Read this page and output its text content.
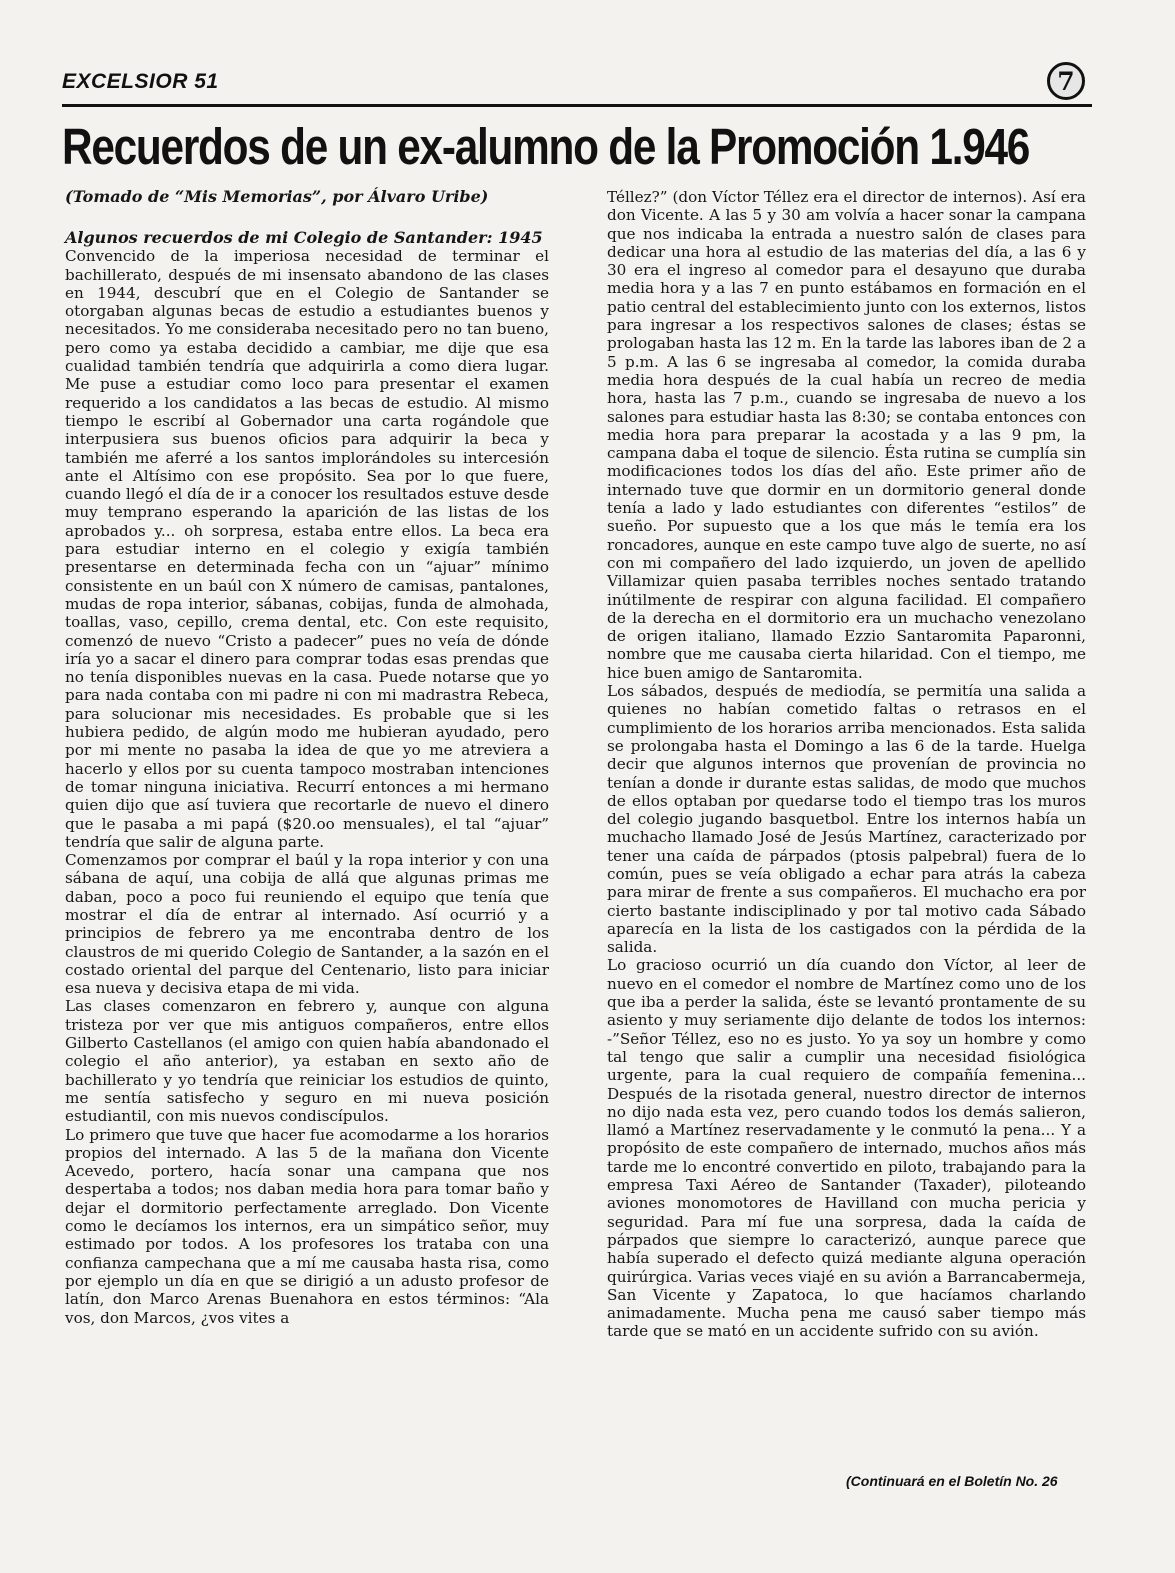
EXCELSIOR 51	7
Recuerdos de un ex-alumno de la Promoción 1.946

(Tomado de “Mis Memorias”, por Álvaro Uribe)

Algunos recuerdos de mi Colegio de Santander: 1945

Convencido de la imperiosa necesidad de terminar el bachillerato, después de mi insensato abandono de las clases en 1944, descubrí que en el Colegio de Santander se otorgaban algunas becas de estudio a estudiantes buenos y necesitados. Yo me consideraba necesitado pero no tan bueno, pero como ya estaba decidido a cambiar, me dije que esa cualidad también tendría que adquirirla a como diera lugar. Me puse a estudiar como loco para presentar el examen requerido a los candidatos a las becas de estudio. Al mismo tiempo le escribí al Gobernador una carta rogándole que interpusiera sus buenos oficios para adquirir la beca y también me aferré a los santos implorándoles su intercesión ante el Altísimo con ese propósito. Sea por lo que fuere, cuando llegó el día de ir a conocer los resultados estuve desde muy temprano esperando la aparición de las listas de los aprobados y... oh sorpresa, estaba entre ellos. La beca era para estudiar interno en el colegio y exigía también presentarse en determinada fecha con un “ajuar” mínimo consistente en un baúl con X número de camisas, pantalones, mudas de ropa interior, sábanas, cobijas, funda de almohada, toallas, vaso, cepillo, crema dental, etc. Con este requisito, comenzó de nuevo “Cristo a padecer” pues no veía de dónde iría yo a sacar el dinero para comprar todas esas prendas que no tenía disponibles nuevas en la casa. Puede notarse que yo para nada contaba con mi padre ni con mi madrastra Rebeca, para solucionar mis necesidades. Es probable que si les hubiera pedido, de algún modo me hubieran ayudado, pero por mi mente no pasaba la idea de que yo me atreviera a hacerlo y ellos por su cuenta tampoco mostraban intenciones de tomar ninguna iniciativa. Recurrí entonces a mi hermano quien dijo que así tuviera que recortarle de nuevo el dinero que le pasaba a mi papá ($20.oo mensuales), el tal “ajuar” tendría que salir de alguna parte.

Comenzamos por comprar el baúl y la ropa interior y con una sábana de aquí, una cobija de allá que algunas primas me daban, poco a poco fui reuniendo el equipo que tenía que mostrar el día de entrar al internado. Así ocurrió y a principios de febrero ya me encontraba dentro de los claustros de mi querido Colegio de Santander, a la sazón en el costado oriental del parque del Centenario, listo para iniciar esa nueva y decisiva etapa de mi vida.

Las clases comenzaron en febrero y, aunque con alguna tristeza por ver que mis antiguos compañeros, entre ellos Gilberto Castellanos (el amigo con quien había abandonado el colegio el año anterior), ya estaban en sexto año de bachillerato y yo tendría que reiniciar los estudios de quinto, me sentía satisfecho y seguro en mi nueva posición estudiantil, con mis nuevos condiscípulos.

Lo primero que tuve que hacer fue acomodarme a los horarios propios del internado. A las 5 de la mañana don Vicente Acevedo, portero, hacía sonar una campana que nos despertaba a todos; nos daban media hora para tomar baño y dejar el dormitorio perfectamente arreglado. Don Vicente como le decíamos los internos, era un simpático señor, muy estimado por todos. A los profesores los trataba con una confianza campechana que a mí me causaba hasta risa, como por ejemplo un día en que se dirigió a un adusto profesor de latín, don Marco Arenas Buenahora en estos términos: “Ala vos, don Marcos, ¿vos vites a

Téllez?” (don Víctor Téllez era el director de internos). Así era don Vicente. A las 5 y 30 am volvía a hacer sonar la campana que nos indicaba la entrada a nuestro salón de clases para dedicar una hora al estudio de las materias del día, a las 6 y 30 era el ingreso al comedor para el desayuno que duraba media hora y a las 7 en punto estábamos en formación en el patio central del establecimiento junto con los externos, listos para ingresar a los respectivos salones de clases; éstas se prologaban hasta las 12 m. En la tarde las labores iban de 2 a 5 p.m. A las 6 se ingresaba al comedor, la comida duraba media hora después de la cual había un recreo de media hora, hasta las 7 p.m., cuando se ingresaba de nuevo a los salones para estudiar hasta las 8:30; se contaba entonces con media hora para preparar la acostada y a las 9 pm, la campana daba el toque de silencio. Ésta rutina se cumplía sin modificaciones todos los días del año. Este primer año de internado tuve que dormir en un dormitorio general donde tenía a lado y lado estudiantes con diferentes “estilos” de sueño. Por supuesto que a los que más le temía era los roncadores, aunque en este campo tuve algo de suerte, no así con mi compañero del lado izquierdo, un joven de apellido Villamizar quien pasaba terribles noches sentado tratando inútilmente de respirar con alguna facilidad. El compañero de la derecha en el dormitorio era un muchacho venezolano de origen italiano, llamado Ezzio Santaromita Paparonni, nombre que me causaba cierta hilaridad. Con el tiempo, me hice buen amigo de Santaromita.

Los sábados, después de mediodía, se permitía una salida a quienes no habían cometido faltas o retrasos en el cumplimiento de los horarios arriba mencionados. Esta salida se prolongaba hasta el Domingo a las 6 de la tarde. Huelga decir que algunos internos que provenían de provincia no tenían a donde ir durante estas salidas, de modo que muchos de ellos optaban por quedarse todo el tiempo tras los muros del colegio jugando basquetbol. Entre los internos había un muchacho llamado José de Jesús Martínez, caracterizado por tener una caída de párpados (ptosis palpebral) fuera de lo común, pues se veía obligado a echar para atrás la cabeza para mirar de frente a sus compañeros. El muchacho era por cierto bastante indisciplinado y por tal motivo cada Sábado aparecía en la lista de los castigados con la pérdida de la salida.

Lo gracioso ocurrió un día cuando don Víctor, al leer de nuevo en el comedor el nombre de Martínez como uno de los que iba a perder la salida, éste se levantó prontamente de su asiento y muy seriamente dijo delante de todos los internos: -”Señor Téllez, eso no es justo. Yo ya soy un hombre y como tal tengo que salir a cumplir una necesidad fisiológica urgente, para la cual requiero de compañía femenina... Después de la risotada general, nuestro director de internos no dijo nada esta vez, pero cuando todos los demás salieron, llamó a Martínez reservadamente y le conmutó la pena... Y a propósito de este compañero de internado, muchos años más tarde me lo encontré convertido en piloto, trabajando para la empresa Taxi Aéreo de Santander (Taxader), piloteando aviones monomotores de Havilland con mucha pericia y seguridad. Para mí fue una sorpresa, dada la caída de párpados que siempre lo caracterizó, aunque parece que había superado el defecto quizá mediante alguna operación quirúrgica. Varias veces viajé en su avión a Barrancabermeja, San Vicente y Zapatoca, lo que hacíamos charlando animadamente. Mucha pena me causó saber tiempo más tarde que se mató en un accidente sufrido con su avión.

(Continuará en el Boletín No. 26
